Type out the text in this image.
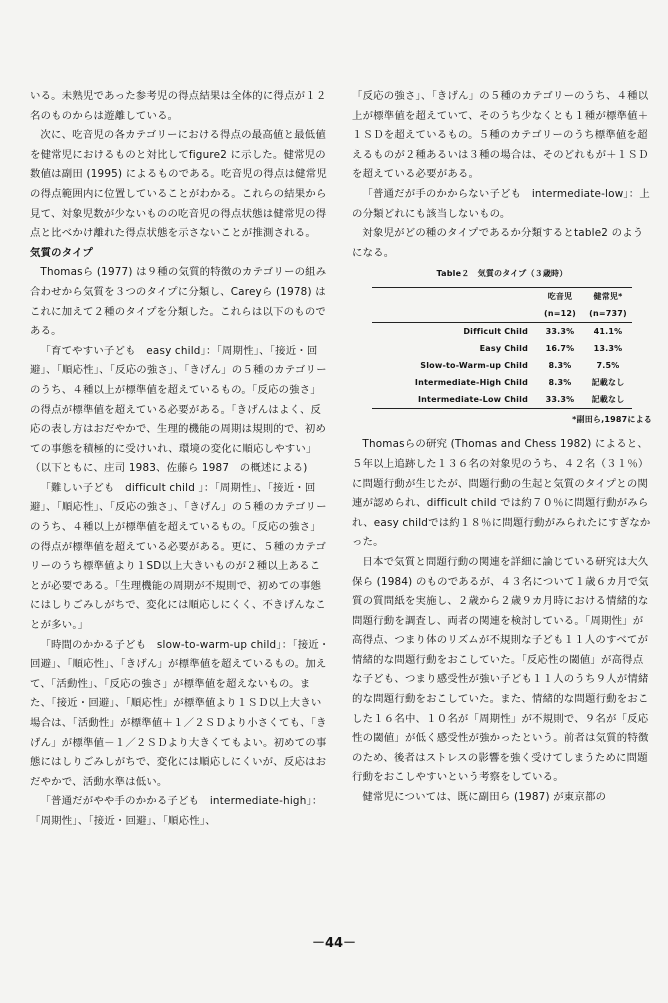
いる。未熟児であった参考児の得点結果は全体的に得点が１２名のものからは遊離している。

次に、吃音児の各カテゴリーにおける得点の最高値と最低値を健常児におけるものと対比してfigure2 に示した。健常児の数値は副田 (1995) によるものである。吃音児の得点は健常児の得点範囲内に位置していることがわかる。これらの結果から見て、対象児数が少ないものの吃音児の得点状態は健常児の得点と比べかけ離れた得点状態を示さないことが推測される。

気質のタイプ

Thomasら (1977) は９種の気質的特徴のカテゴリーの組み合わせから気質を３つのタイプに分類し、Careyら (1978) はこれに加えて２種のタイプを分類した。これらは以下のものである。

「育てやすい子ども　easy child」：「周期性」、「接近・回避」、「順応性」、「反応の強さ」、「きげん」の５種のカテゴリーのうち、４種以上が標準値を超えているもの。「反応の強さ」の得点が標準値を超えている必要がある。「きげんはよく、反応の表し方はおだやかで、生理的機能の周期は規則的で、初めての事態を積極的に受けいれ、環境の変化に順応しやすい」（以下ともに、庄司 1983、佐藤ら 1987　の概述による)

「難しい子ども　difficult child 」：「周期性」、「接近・回避」、「順応性」、「反応の強さ」、「きげん」の５種のカテゴリーのうち、４種以上が標準値を超えているもの。「反応の強さ」の得点が標準値を超えている必要がある。更に、５種のカテゴリーのうち標準値より１SD以上大きいものが２種以上あることが必要である。「生理機能の周期が不規則で、初めての事態にはしりごみしがちで、変化には順応しにくく、不きげんなことが多い。」

「時間のかかる子ども　slow-to-warm-up child」：「接近・回避」、「順応性」、「きげん」が標準値を超えているもの。加えて、「活動性」、「反応の強さ」が標準値を超えないもの。また、「接近・回避」、「順応性」が標準値より１ＳＤ以上大きい場合は、「活動性」が標準値＋１／２ＳＤより小さくても、「きげん」が標準値－１／２ＳＤより大きくてもよい。初めての事態にはしりごみしがちで、変化には順応しにくいが、反応はおだやかで、活動水準は低い。

「普通だがやや手のかかる子ども　intermediate-high」：「周期性」、「接近・回避」、「順応性」、

「反応の強さ」、「きげん」の５種のカテゴリーのうち、４種以上が標準値を超えていて、そのうち少なくとも１種が標準値＋１ＳＤを超えているもの。５種のカテゴリーのうち標準値を超えるものが２種あるいは３種の場合は、そのどれもが＋１ＳＤを超えている必要がある。

「普通だが手のかからない子ども　intermediate-low」：上の分類どれにも該当しないもの。

対象児がどの種のタイプであるか分類するとtable2 のようになる。

Table２　気質のタイプ（３歳時）
	吃音児	健常児*
	(n=12)	(n=737)
Difficult Child	33.3%	41.1%
Easy Child	16.7%	13.3%
Slow-to-Warm-up Child	8.3%	7.5%
Intermediate-High Child	8.3%	記載なし
Intermediate-Low Child	33.3%	記載なし
*副田ら,1987による

Thomasらの研究 (Thomas and Chess 1982) によると、５年以上追跡した１３６名の対象児のうち、４２名（３１％）に問題行動が生じたが、問題行動の生起と気質のタイプとの関連が認められ、difficult child では約７０％に問題行動がみられ、easy childでは約１８％に問題行動がみられたにすぎなかった。

日本で気質と問題行動の関連を詳細に論じている研究は大久保ら (1984) のものであるが、４３名について１歳６カ月で気質の質問紙を実施し、２歳から２歳９カ月時における情緒的な問題行動を調査し、両者の関連を検討している。「周期性」が高得点、つまり体のリズムが不規則な子ども１１人のすべてが情緒的な問題行動をおこしていた。「反応性の閾値」が高得点な子ども、つまり感受性が強い子ども１１人のうち９人が情緒的な問題行動をおこしていた。また、情緒的な問題行動をおこした１６名中、１０名が「周期性」が不規則で、９名が「反応性の閾値」が低く感受性が強かったという。前者は気質的特徴のため、後者はストレスの影響を強く受けてしまうために問題行動をおこしやすいという考察をしている。

健常児については、既に副田ら (1987) が東京都の

－44－
